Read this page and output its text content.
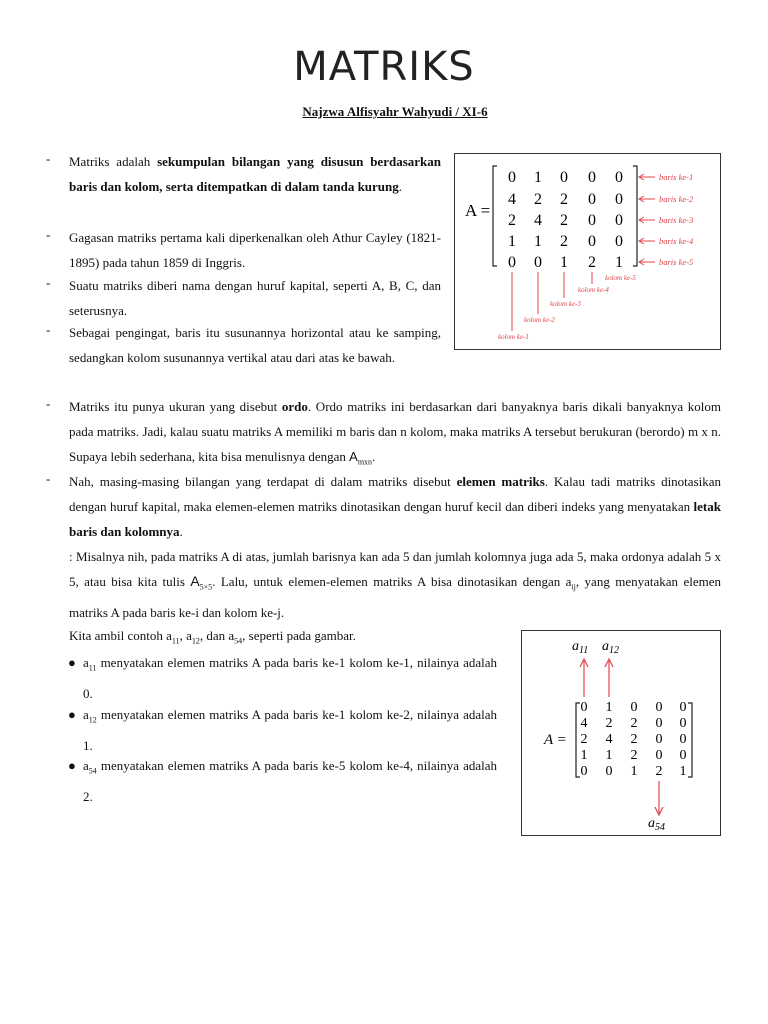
MATRIKS
Najzwa Alfisyahr Wahyudi / XI-6
- Matriks adalah sekumpulan bilangan yang disusun berdasarkan baris dan kolom, serta ditempatkan di dalam tanda kurung.
- Gagasan matriks pertama kali diperkenalkan oleh Athur Cayley (1821-1895) pada tahun 1859 di Inggris.
- Suatu matriks diberi nama dengan huruf kapital, seperti A, B, C, dan seterusnya.
- Sebagai pengingat, baris itu susunannya horizontal atau ke samping, sedangkan kolom susunannya vertikal atau dari atas ke bawah.
- Matriks itu punya ukuran yang disebut ordo. Ordo matriks ini berdasarkan dari banyaknya baris dikali banyaknya kolom pada matriks. Jadi, kalau suatu matriks A memiliki m baris dan n kolom, maka matriks A tersebut berukuran (berordo) m x n. Supaya lebih sederhana, kita bisa menulisnya dengan $A_{mxn}$.
- Nah, masing-masing bilangan yang terdapat di dalam matriks disebut elemen matriks. Kalau tadi matriks dinotasikan dengan huruf kapital, maka elemen-elemen matriks dinotasikan dengan huruf kecil dan diberi indeks yang menyatakan letak baris dan kolomnya.
: Misalnya nih, pada matriks A di atas, jumlah barisnya kan ada 5 dan jumlah kolomnya juga ada 5, maka ordonya adalah 5 x 5, atau bisa kita tulis $A_{5\times 5}$. Lalu, untuk elemen-elemen matriks A bisa dinotasikan dengan $a_{ij}$, yang menyatakan elemen matriks A pada baris ke-i dan kolom ke-j.
Kita ambil contoh $a_{11}$, $a_{12}$, dan $a_{54}$, seperti pada gambar.
● $a_{11}$ menyatakan elemen matriks A pada baris ke-1 kolom ke-1, nilainya adalah 0.
● $a_{12}$ menyatakan elemen matriks A pada baris ke-1 kolom ke-2, nilainya adalah 1.
● $a_{54}$ menyatakan elemen matriks A pada baris ke-5 kolom ke-4, nilainya adalah 2.
A =
0 1 0 0 0
4 2 2 0 0
2 4 2 0 0
1 1 2 0 0
0 0 1 2 1
baris ke-1
baris ke-2
baris ke-3
baris ke-4
baris ke-5
kolom ke-1
kolom ke-2
kolom ke-3
kolom ke-4
kolom ke-5
$a_{11}$ $a_{12}$
$a_{54}$
A =
0 1 0 0 0
4 2 2 0 0
2 4 2 0 0
1 1 2 0 0
0 0 1 2 1
